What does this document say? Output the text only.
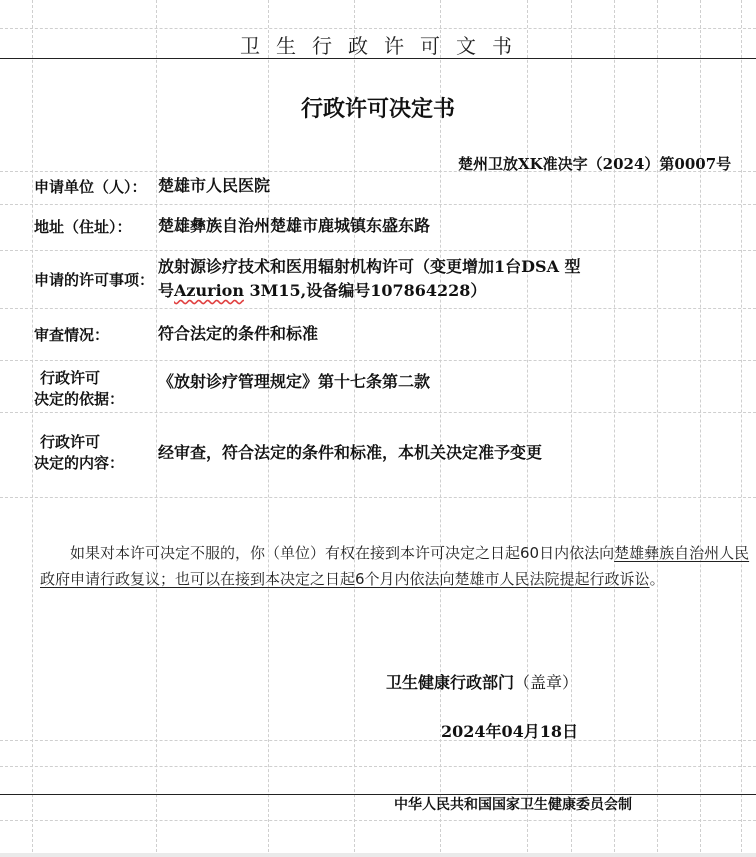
卫生行政许可文书
行政许可决定书
楚州卫放XK准决字（2024）第0007号
申请单位（人）： 楚雄市人民医院
地址（住址）： 楚雄彝族自治州楚雄市鹿城镇东盛东路
申请的许可事项：
放射源诊疗技术和医用辐射机构许可（变更增加1台DSA 型
号Azurion 3M15,设备编号107864228）
审查情况：	符合法定的条件和标准
行政许可
决定的依据：
《放射诊疗管理规定》第十七条第二款
行政许可
决定的内容：
经审查，符合法定的条件和标准，本机关决定准予变更
如果对本许可决定不服的，你（单位）有权在接到本许可决定之日起60日内依法向楚雄彝族自治州人民政府申请行政复议；也可以在接到本决定之日起6个月内依法向楚雄市人民法院提起行政诉讼。
卫生健康行政部门（盖章）
2024年04月18日
中华人民共和国国家卫生健康委员会制
